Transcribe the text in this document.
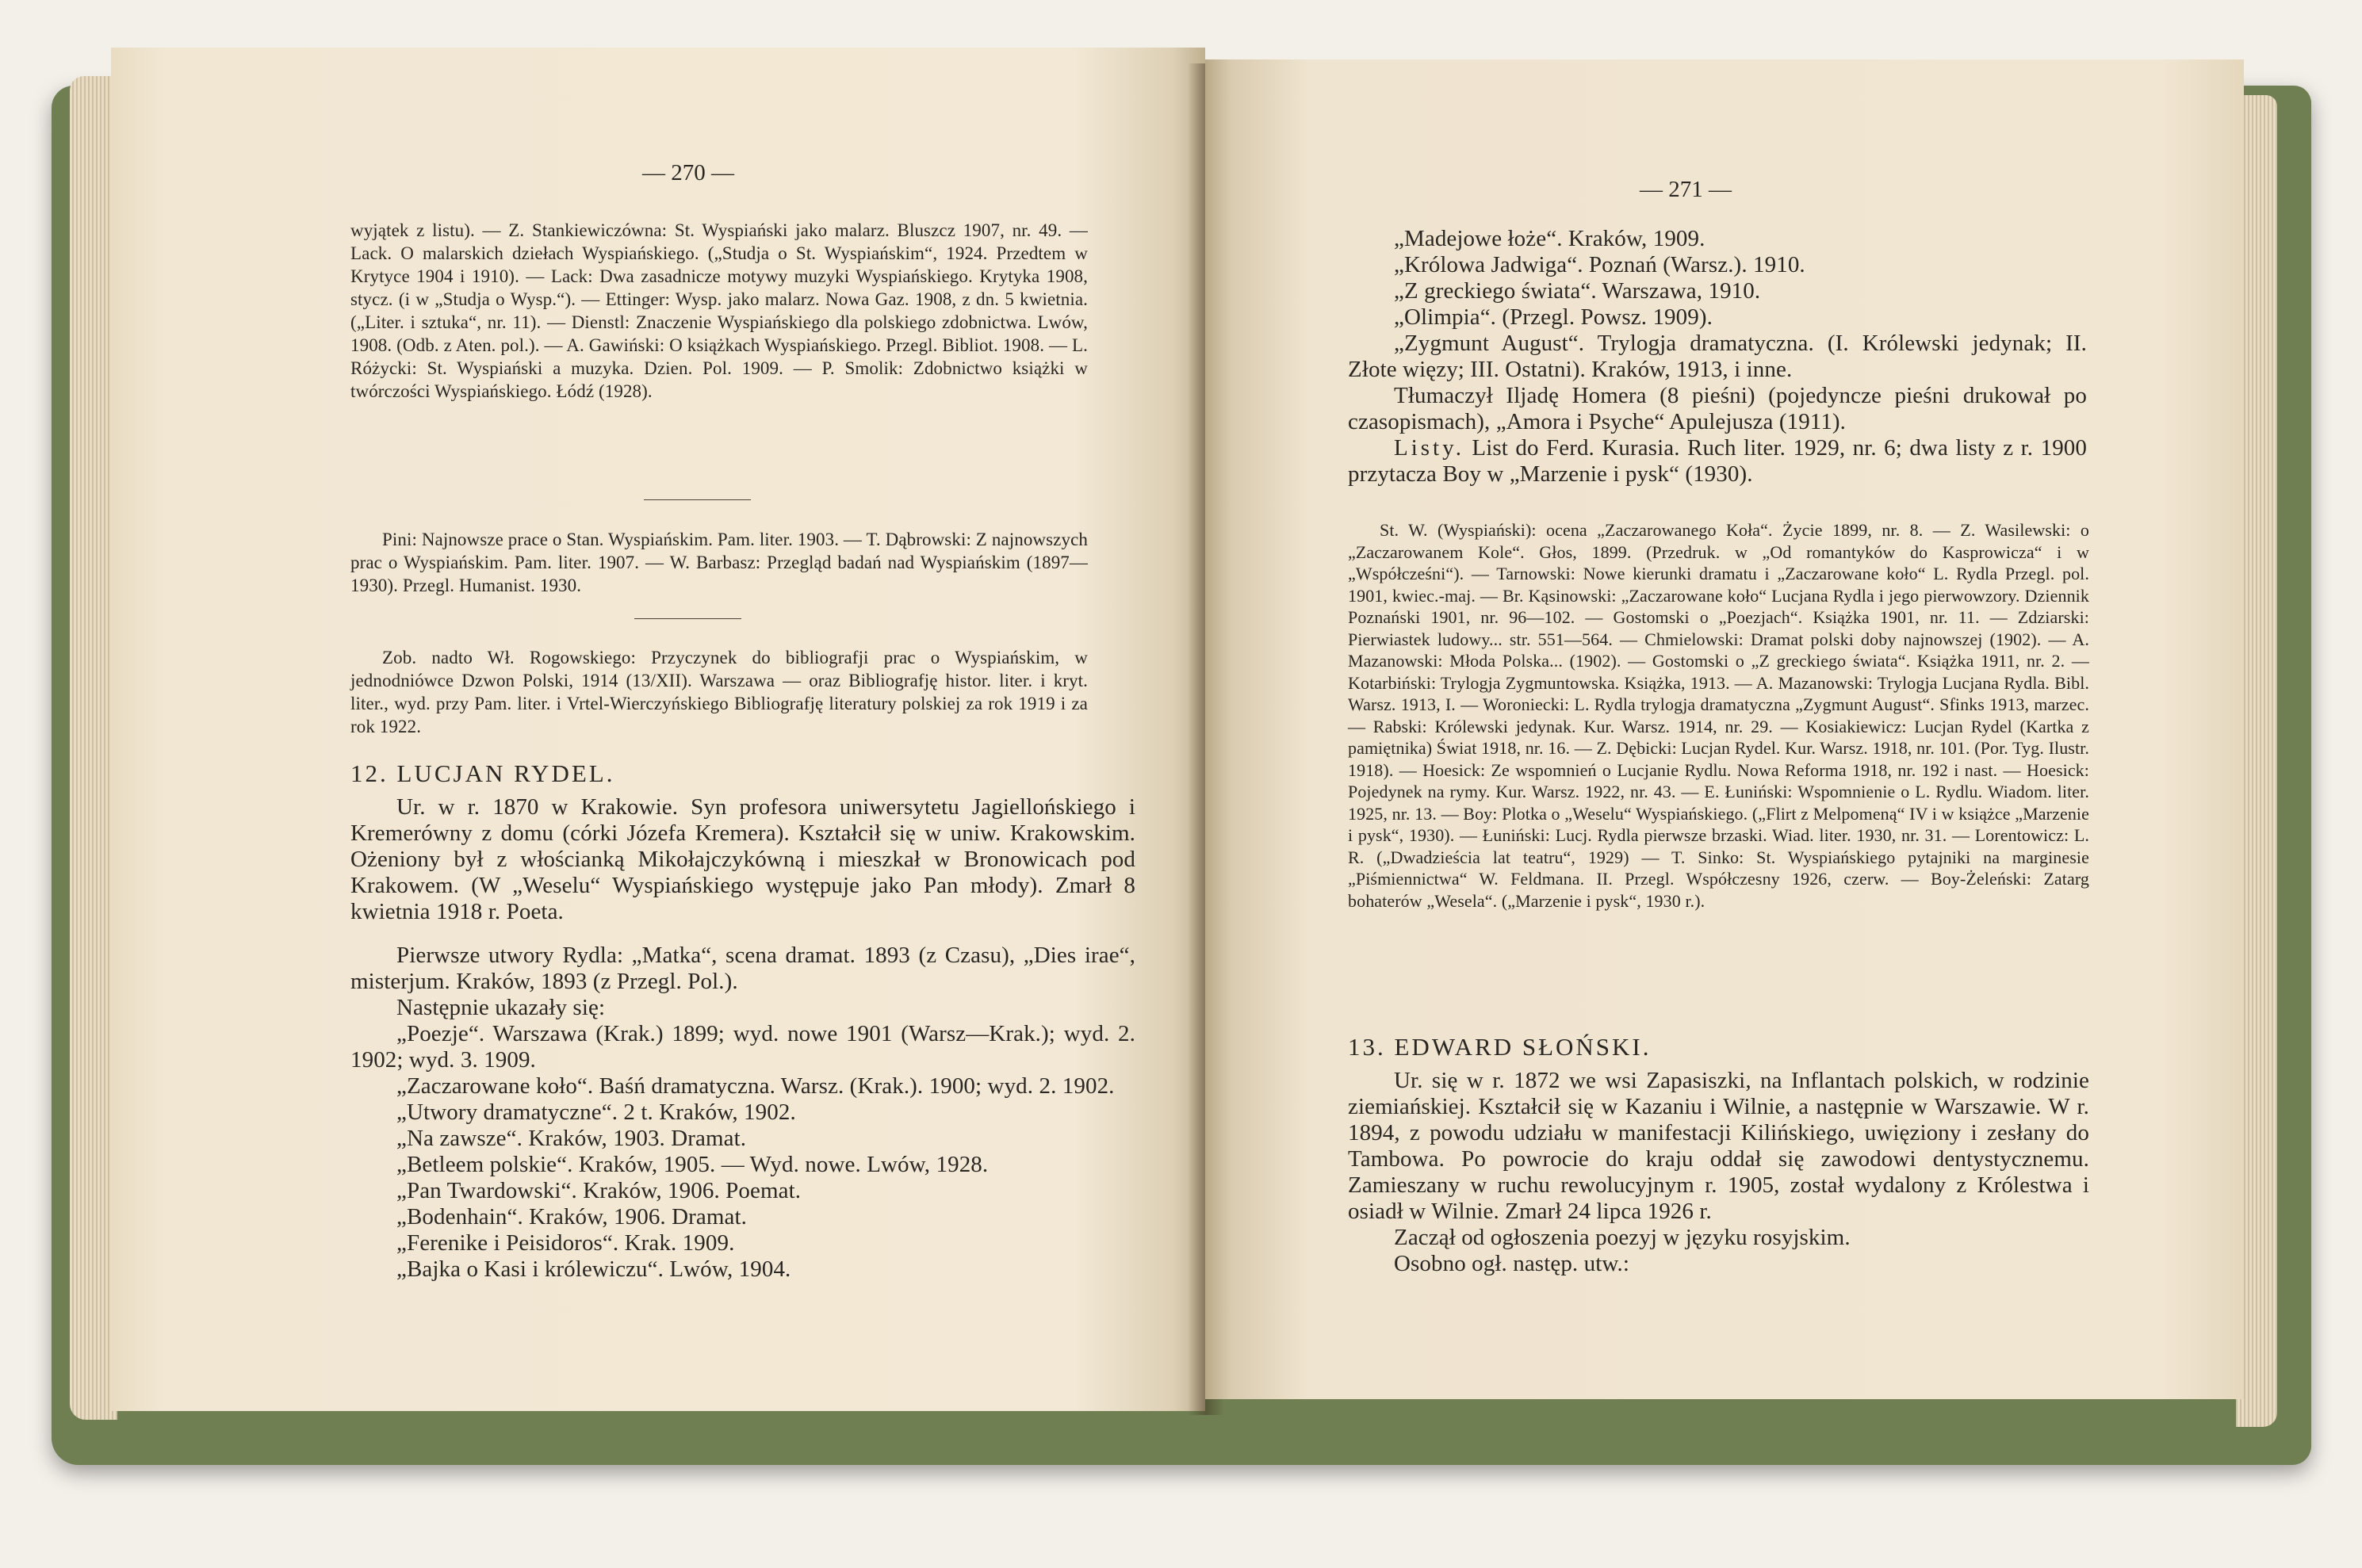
— 270 —

wyjątek z listu). — Z. Stankiewiczówna: St. Wyspiański jako malarz. Bluszcz 1907, nr. 49. — Lack. O malarskich dziełach Wyspiańskiego. („Studja o St. Wyspiańskim“, 1924. Przedtem w Krytyce 1904 i 1910). — Lack: Dwa zasadnicze motywy muzyki Wyspiańskiego. Krytyka 1908, stycz. (i w „Studja o Wysp.“). — Ettinger: Wysp. jako malarz. Nowa Gaz. 1908, z dn. 5 kwietnia. („Liter. i sztuka“, nr. 11). — Dienstl: Znaczenie Wyspiańskiego dla polskiego zdobnictwa. Lwów, 1908. (Odb. z Aten. pol.). — A. Gawiński: O książkach Wyspiańskiego. Przegl. Bibliot. 1908. — L. Różycki: St. Wyspiański a muzyka. Dzien. Pol. 1909. — P. Smolik: Zdobnictwo książki w twórczości Wyspiańskiego. Łódź (1928).

Pini: Najnowsze prace o Stan. Wyspiańskim. Pam. liter. 1903. — T. Dąbrowski: Z najnowszych prac o Wyspiańskim. Pam. liter. 1907. — W. Barbasz: Przegląd badań nad Wyspiańskim (1897—1930). Przegl. Humanist. 1930.

Zob. nadto Wł. Rogowskiego: Przyczynek do bibliografji prac o Wyspiańskim, w jednodniówce Dzwon Polski, 1914 (13/XII). Warszawa — oraz Bibliografję histor. liter. i kryt. liter., wyd. przy Pam. liter. i Vrtel-Wierczyńskiego Bibliografję literatury polskiej za rok 1919 i za rok 1922.

12. LUCJAN RYDEL.

Ur. w r. 1870 w Krakowie. Syn profesora uniwersytetu Jagiellońskiego i Kremerówny z domu (córki Józefa Kremera). Kształcił się w uniw. Krakowskim. Ożeniony był z włościanką Mikołajczykówną i mieszkał w Bronowicach pod Krakowem. (W „Weselu“ Wyspiańskiego występuje jako Pan młody). Zmarł 8 kwietnia 1918 r. Poeta.

Pierwsze utwory Rydla: „Matka“, scena dramat. 1893 (z Czasu), „Dies irae“, misterjum. Kraków, 1893 (z Przegl. Pol.).

Następnie ukazały się:

„Poezje“. Warszawa (Krak.) 1899; wyd. nowe 1901 (Warsz—Krak.); wyd. 2. 1902; wyd. 3. 1909.

„Zaczarowane koło“. Baśń dramatyczna. Warsz. (Krak.). 1900; wyd. 2. 1902.

„Utwory dramatyczne“. 2 t. Kraków, 1902.

„Na zawsze“. Kraków, 1903. Dramat.

„Betleem polskie“. Kraków, 1905. — Wyd. nowe. Lwów, 1928.

„Pan Twardowski“. Kraków, 1906. Poemat.

„Bodenhain“. Kraków, 1906. Dramat.

„Ferenike i Peisidoros“. Krak. 1909.

„Bajka o Kasi i królewiczu“. Lwów, 1904.

— 271 —

„Madejowe łoże“. Kraków, 1909.

„Królowa Jadwiga“. Poznań (Warsz.). 1910.

„Z greckiego świata“. Warszawa, 1910.

„Olimpia“. (Przegl. Powsz. 1909).

„Zygmunt August“. Trylogja dramatyczna. (I. Królewski jedynak; II. Złote więzy; III. Ostatni). Kraków, 1913, i inne.

Tłumaczył Iljadę Homera (8 pieśni) (pojedyncze pieśni drukował po czasopismach), „Amora i Psyche“ Apulejusza (1911).

Listy. List do Ferd. Kurasia. Ruch liter. 1929, nr. 6; dwa listy z r. 1900 przytacza Boy w „Marzenie i pysk“ (1930).

St. W. (Wyspiański): ocena „Zaczarowanego Koła“. Życie 1899, nr. 8. — Z. Wasilewski: o „Zaczarowanem Kole“. Głos, 1899. (Przedruk. w „Od romantyków do Kasprowicza“ i w „Współcześni“). — Tarnowski: Nowe kierunki dramatu i „Zaczarowane koło“ L. Rydla Przegl. pol. 1901, kwiec.-maj. — Br. Kąsinowski: „Zaczarowane koło“ Lucjana Rydla i jego pierwowzory. Dziennik Poznański 1901, nr. 96—102. — Gostomski o „Poezjach“. Książka 1901, nr. 11. — Zdziarski: Pierwiastek ludowy... str. 551—564. — Chmielowski: Dramat polski doby najnowszej (1902). — A. Mazanowski: Młoda Polska... (1902). — Gostomski o „Z greckiego świata“. Książka 1911, nr. 2. — Kotarbiński: Trylogja Zygmuntowska. Książka, 1913. — A. Mazanowski: Trylogja Lucjana Rydla. Bibl. Warsz. 1913, I. — Woroniecki: L. Rydla trylogja dramatyczna „Zygmunt August“. Sfinks 1913, marzec. — Rabski: Królewski jedynak. Kur. Warsz. 1914, nr. 29. — Kosiakiewicz: Lucjan Rydel (Kartka z pamiętnika) Świat 1918, nr. 16. — Z. Dębicki: Lucjan Rydel. Kur. Warsz. 1918, nr. 101. (Por. Tyg. Ilustr. 1918). — Hoesick: Ze wspomnień o Lucjanie Rydlu. Nowa Reforma 1918, nr. 192 i nast. — Hoesick: Pojedynek na rymy. Kur. Warsz. 1922, nr. 43. — E. Łuniński: Wspomnienie o L. Rydlu. Wiadom. liter. 1925, nr. 13. — Boy: Plotka o „Weselu“ Wyspiańskiego. („Flirt z Melpomeną“ IV i w książce „Marzenie i pysk“, 1930). — Łuniński: Lucj. Rydla pierwsze brzaski. Wiad. liter. 1930, nr. 31. — Lorentowicz: L. R. („Dwadzieścia lat teatru“, 1929) — T. Sinko: St. Wyspiańskiego pytajniki na marginesie „Piśmiennictwa“ W. Feldmana. II. Przegl. Współczesny 1926, czerw. — Boy-Żeleński: Zatarg bohaterów „Wesela“. („Marzenie i pysk“, 1930 r.).

13. EDWARD SŁOŃSKI.

Ur. się w r. 1872 we wsi Zapasiszki, na Inflantach polskich, w rodzinie ziemiańskiej. Kształcił się w Kazaniu i Wilnie, a następnie w Warszawie. W r. 1894, z powodu udziału w manifestacji Kilińskiego, uwięziony i zesłany do Tambowa. Po powrocie do kraju oddał się zawodowi dentystycznemu. Zamieszany w ruchu rewolucyjnym r. 1905, został wydalony z Królestwa i osiadł w Wilnie. Zmarł 24 lipca 1926 r.

Zaczął od ogłoszenia poezyj w języku rosyjskim.

Osobno ogł. następ. utw.:
